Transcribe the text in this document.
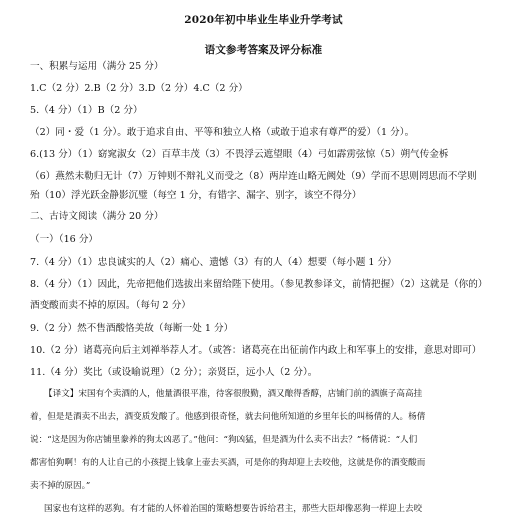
2020年初中毕业生毕业升学考试
语文参考答案及评分标准
一、积累与运用（满分 25 分）
1.C（2 分）2.B（2 分）3.D（2 分）4.C（2 分）
5.（4 分）（1）B（2 分）
（2）同・爱（1 分）。敢于追求自由、平等和独立人格（或敢于追求有尊严的爱）（1 分）。
6.(13 分）（1）窈窕淑女（2）百草丰茂（3）不畏浮云遮望眼（4）弓如霹雳弦惊（5）朔气传金柝
（6）燕然未勒归无计（7）万钟则不辩礼义而受之（8）两岸连山略无阙处（9）学而不思则罔思而不学则
殆（10）浮光跃金静影沉璧（每空 1 分，有错字、漏字、别字，该空不得分）
二、古诗文阅读（满分 20 分）
（一）（16 分）
7.（4 分）（1）忠良诚实的人（2）痛心、遗憾（3）有的人（4）想要（每小题 1 分）
8.（4 分）（1）因此，先帝把他们选拔出来留给陛下使用。（参见教参译文，前情把握）（2）这就是（你的）
酒变酸而卖不掉的原因。（每句 2 分）
9.（2 分）然不售酒酸恪美故（每断一处 1 分）
10.（2 分）诸葛亮向后主刘禅举荐人才。（或答：诸葛亮在出征前作内政上和军事上的安排，意思对即可）
11.（4 分）奖比（或设喻说理）（2 分）；亲贤臣，远小人（2 分）。
【译文】宋国有个卖酒的人，他量酒很平准，待客很殷勤，酒又酿得香醇，店铺门前的酒旗子高高挂
着，但是是酒卖不出去，酒变质发酸了。他感到很奇怪，就去问他所知道的乡里年长的叫杨倩的人。杨倩
说：“这是因为你店铺里豢养的狗太凶恶了。”他问：“狗凶猛，但是酒为什么卖不出去？”杨倩说：“人们
都害怕狗啊！有的人让自己的小孩提上钱拿上壶去买酒，可是你的狗却迎上去咬他，这就是你的酒变酸而
卖不掉的原因。”
国家也有这样的恶狗。有才能的人怀着治国的策略想要告诉给君主，那些大臣却像恶狗一样迎上去咬
